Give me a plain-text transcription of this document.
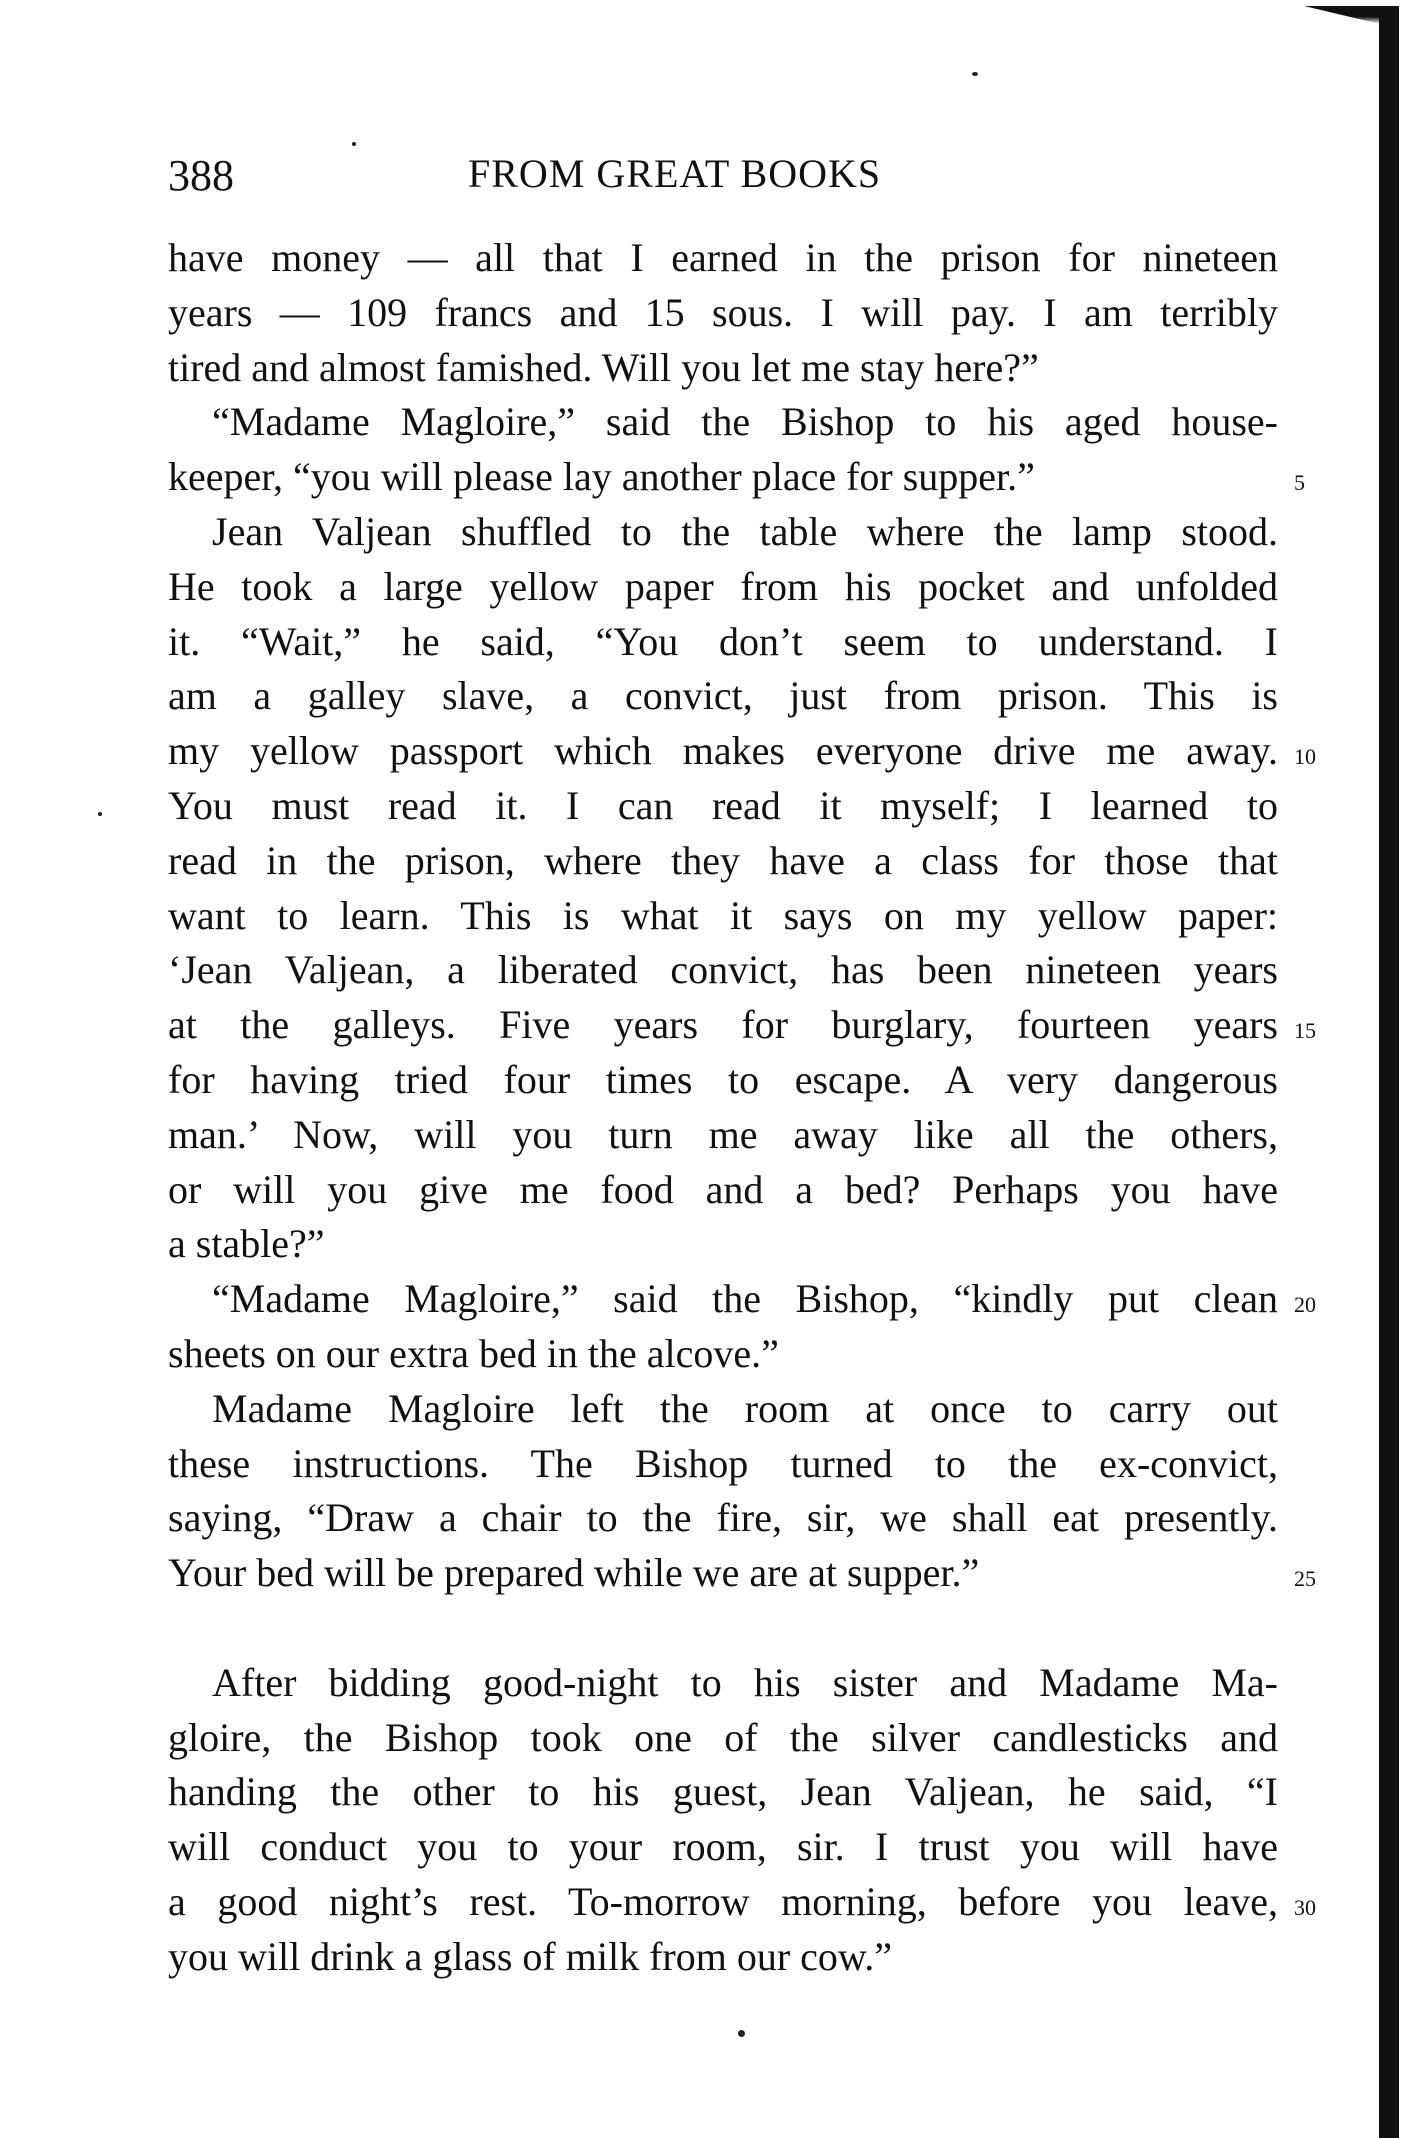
388	FROM GREAT BOOKS
have money — all that I earned in the prison for nineteen
years — 109 francs and 15 sous. I will pay. I am terribly
tired and almost famished. Will you let me stay here?”
“Madame Magloire,” said the Bishop to his aged house-
keeper, “you will please lay another place for supper.”	5
Jean Valjean shuffled to the table where the lamp stood.
He took a large yellow paper from his pocket and unfolded
it. “Wait,” he said, “You don’t seem to understand. I
am a galley slave, a convict, just from prison. This is
my yellow passport which makes everyone drive me away. 10
You must read it. I can read it myself; I learned to
read in the prison, where they have a class for those that
want to learn. This is what it says on my yellow paper:
‘Jean Valjean, a liberated convict, has been nineteen years
at the galleys. Five years for burglary, fourteen years 15
for having tried four times to escape. A very dangerous
man.’ Now, will you turn me away like all the others,
or will you give me food and a bed? Perhaps you have
a stable?”
“Madame Magloire,” said the Bishop, “kindly put clean 20
sheets on our extra bed in the alcove.”
Madame Magloire left the room at once to carry out
these instructions. The Bishop turned to the ex-convict,
saying, “Draw a chair to the fire, sir, we shall eat presently.
Your bed will be prepared while we are at supper.”	25
After bidding good-night to his sister and Madame Ma-
gloire, the Bishop took one of the silver candlesticks and
handing the other to his guest, Jean Valjean, he said, “I
will conduct you to your room, sir. I trust you will have
a good night’s rest. To-morrow morning, before you leave, 30
you will drink a glass of milk from our cow.”
